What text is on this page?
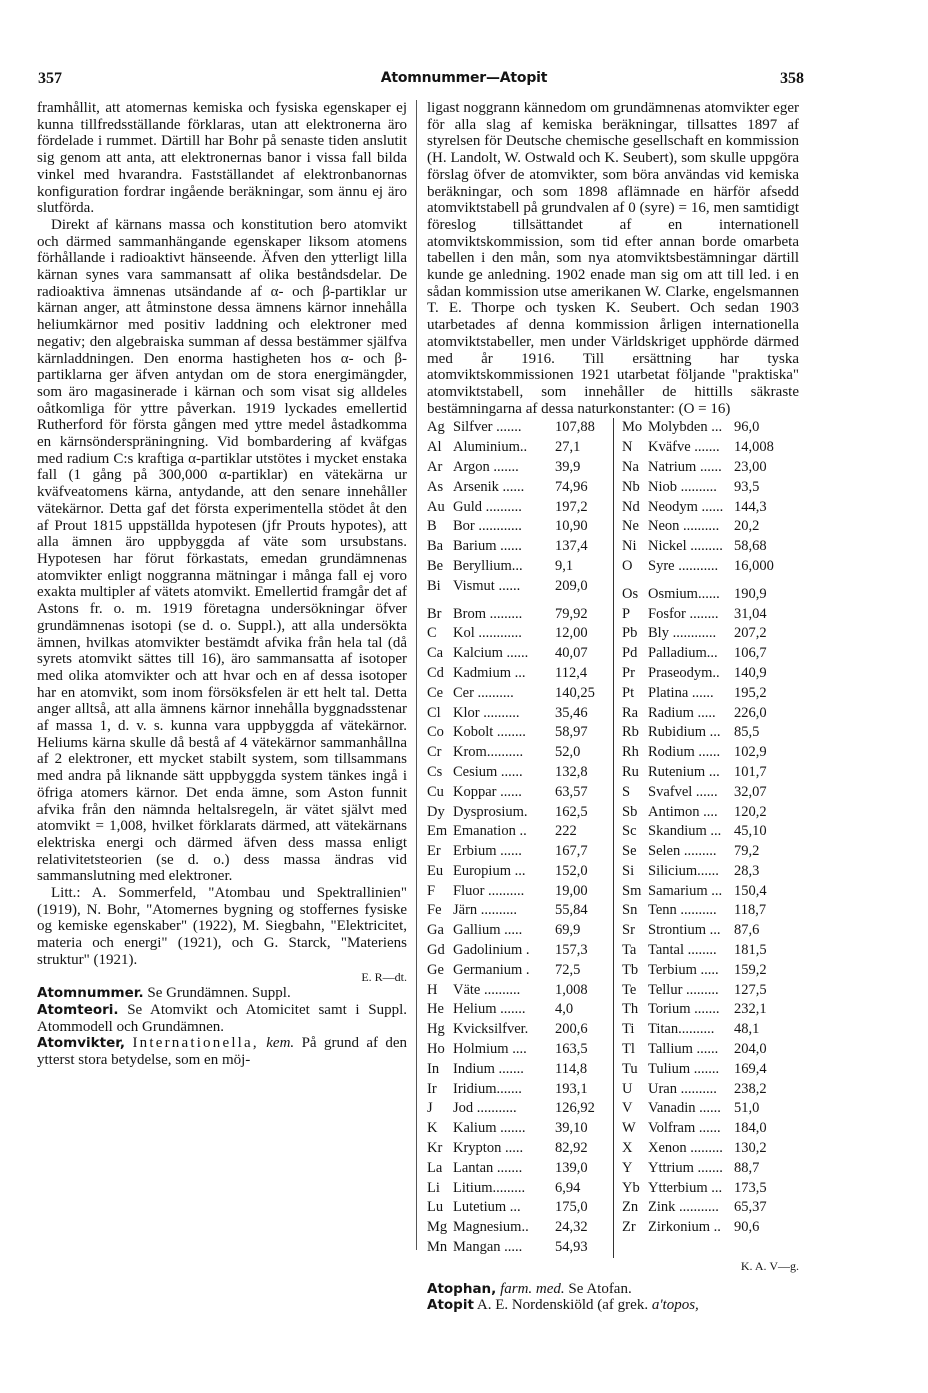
357	Atomnummer—Atopit	358

framhållit, att atomernas kemiska och fysiska egenskaper ej kunna tillfredsställande förklaras, utan att elektronerna äro fördelade i rummet. Därtill har Bohr på senaste tiden anslutit sig genom att anta, att elektronernas banor i vissa fall bilda vinkel med hvarandra. Fastställandet af elektronbanornas konfiguration fordrar ingående beräkningar, som ännu ej äro slutförda.

Direkt af kärnans massa och konstitution bero atomvikt och därmed sammanhängande egenskaper liksom atomens förhållande i radioaktivt hänseende. Äfven den ytterligt lilla kärnan synes vara sammansatt af olika beståndsdelar. De radioaktiva ämnenas utsändande af α- och β-partiklar ur kärnan anger, att åtminstone dessa ämnens kärnor innehålla heliumkärnor med positiv laddning och elektroner med negativ; den algebraiska summan af dessa bestämmer själfva kärnladdningen. Den enorma hastigheten hos α- och β-partiklarna ger äfven antydan om de stora energimängder, som äro magasinerade i kärnan och som visat sig alldeles oåtkomliga för yttre påverkan. 1919 lyckades emellertid Rutherford för första gången med yttre medel åstadkomma en kärnsönderspräningning. Vid bombardering af kväfgas med radium C:s kraftiga α-partiklar utstötes i mycket enstaka fall (1 gång på 300,000 α-partiklar) en vätekärna ur kväfveatomens kärna, antydande, att den senare innehåller vätekärnor. Detta gaf det första experimentella stödet åt den af Prout 1815 uppställda hypotesen (jfr Prouts hypotes), att alla ämnen äro uppbyggda af väte som ursubstans. Hypotesen har förut förkastats, emedan grundämnenas atomvikter enligt noggranna mätningar i många fall ej voro exakta multipler af vätets atomvikt. Emellertid framgår det af Astons fr. o. m. 1919 företagna undersökningar öfver grundämnenas isotopi (se d. o. Suppl.), att alla undersökta ämnen, hvilkas atomvikter bestämdt afvika från hela tal (då syrets atomvikt sättes till 16), äro sammansatta af isotoper med olika atomvikter och att hvar och en af dessa isotoper har en atomvikt, som inom försöksfelen är ett helt tal. Detta anger alltså, att alla ämnens kärnor innehålla byggnadsstenar af massa 1, d. v. s. kunna vara uppbyggda af vätekärnor. Heliums kärna skulle då bestå af 4 vätekärnor sammanhållna af 2 elektroner, ett mycket stabilt system, som tillsammans med andra på liknande sätt uppbyggda system tänkes ingå i öfriga atomers kärnor. Det enda ämne, som Aston funnit afvika från den nämnda heltalsregeln, är vätet självt med atomvikt = 1,008, hvilket förklarats därmed, att vätekärnans elektriska energi och därmed äfven dess massa enligt relativitetsteorien (se d. o.) dess massa ändras vid sammanslutning med elektroner.

Litt.: A. Sommerfeld, "Atombau und Spektrallinien" (1919), N. Bohr, "Atomernes bygning og stoffernes fysiske og kemiske egenskaber" (1922), M. Siegbahn, "Elektricitet, materia och energi" (1921), och G. Starck, "Materiens struktur" (1921).

E. R—dt.

Atomnummer. Se Grundämnen. Suppl.

Atomteori. Se Atomvikt och Atomicitet samt i Suppl. Atommodell och Grundämnen.

Atomvikter, Internationella, kem. På grund af den ytterst stora betydelse, som en möj-

ligast noggrann kännedom om grundämnenas atomvikter eger för alla slag af kemiska beräkningar, tillsattes 1897 af styrelsen för Deutsche chemische gesellschaft en kommission (H. Landolt, W. Ostwald och K. Seubert), som skulle uppgöra förslag öfver de atomvikter, som böra användas vid kemiska beräkningar, och som 1898 aflämnade en härför afsedd atomviktstabell på grundvalen af 0 (syre) = 16, men samtidigt föreslog tillsättandet af en internationell atomviktskommission, som tid efter annan borde omarbeta tabellen i den mån, som nya atomviktsbestämningar därtill kunde ge anledning. 1902 enade man sig om att till led. i en sådan kommission utse amerikanen W. Clarke, engelsmannen T. E. Thorpe och tysken K. Seubert. Och sedan 1903 utarbetades af denna kommission årligen internationella atomviktstabeller, men under Världskriget upphörde därmed med år 1916. Till ersättning har tyska atomviktskommissionen 1921 utarbetat följande "praktiska" atomviktstabell, som innehåller de hittills säkraste bestämningarna af dessa naturkonstanter: (O = 16)

Ag Silfver .......	107,88
Al Aluminium..	27,1
Ar Argon .......	39,9
As Arsenik ......	74,96
Au Guld ..........	197,2
B	Bor ............	10,90
Ba Barium ......	137,4
Be Beryllium...	9,1
Bi Vismut ......	209,0
Br Brom .........	79,92
C	Kol ............	12,00
Ca Kalcium ......	40,07
Cd Kadmium ...	112,4
Ce Cer ..........	140,25
Cl Klor ..........	35,46
Co Kobolt ........	58,97
Cr Krom..........	52,0
Cs Cesium ......	132,8
Cu Koppar ......	63,57
Dy Dysprosium.	162,5
Em Emanation ..	222
Er Erbium ......	167,7
Eu Europium ...	152,0
F	Fluor ..........	19,00
Fe Järn ..........	55,84
Ga Gallium .....	69,9
Gd Gadolinium .	157,3
Ge Germanium .	72,5
H	Väte ..........	1,008
He Helium .......	4,0
Hg Kvicksilfver.	200,6
Ho Holmium ....	163,5
In Indium .......	114,8
Ir	Iridium.......	193,1
J	Jod ...........	126,92
K	Kalium .......	39,10
Kr Krypton .....	82,92
La Lantan .......	139,0
Li Litium.........	6,94
Lu Lutetium ...	175,0
Mg Magnesium..	24,32
Mn Mangan .....	54,93
Mo Molybden ... 96,0
N	Kväfve ....... 14,008
Na Natrium ...... 23,00
Nb Niob ..........	93,5
Nd Neodym ...... 144,3
Ne Neon ..........	20,2
Ni Nickel ......... 58,68
O	Syre ...........	16,000
Os Osmium...... 190,9
P	Fosfor ........	31,04
Pb Bly ............	207,2
Pd Palladium...	106,7
Pr Praseodym.. 140,9
Pt Platina ......	195,2
Ra Radium .....	226,0
Rb Rubidium ... 85,5
Rh Rodium ...... 102,9
Ru Rutenium ... 101,7
S	Svafvel ......	32,07
Sb Antimon ....	120,2
Sc Skandium ... 45,10
Se Selen .........	79,2
Si Silicium......	28,3
Sm Samarium ... 150,4
Sn Tenn ..........	118,7
Sr Strontium ... 87,6
Ta Tantal ........	181,5
Tb Terbium .....	159,2
Te Tellur .........	127,5
Th Torium .......	232,1
Ti Titan..........	48,1
Tl Tallium ......	204,0
Tu Tulium .......	169,4
U	Uran ..........	238,2
V	Vanadin ...... 51,0
W Volfram ...... 184,0
X	Xenon ......... 130,2
Y	Yttrium ....... 88,7
Yb Ytterbium ... 173,5
Zn Zink ...........	65,37
Zr Zirkonium .. 90,6
K. A. V—g.

Atophan, farm. med. Se Atofan.

Atopit A. E. Nordenskiöld (af grek. a'topos,
